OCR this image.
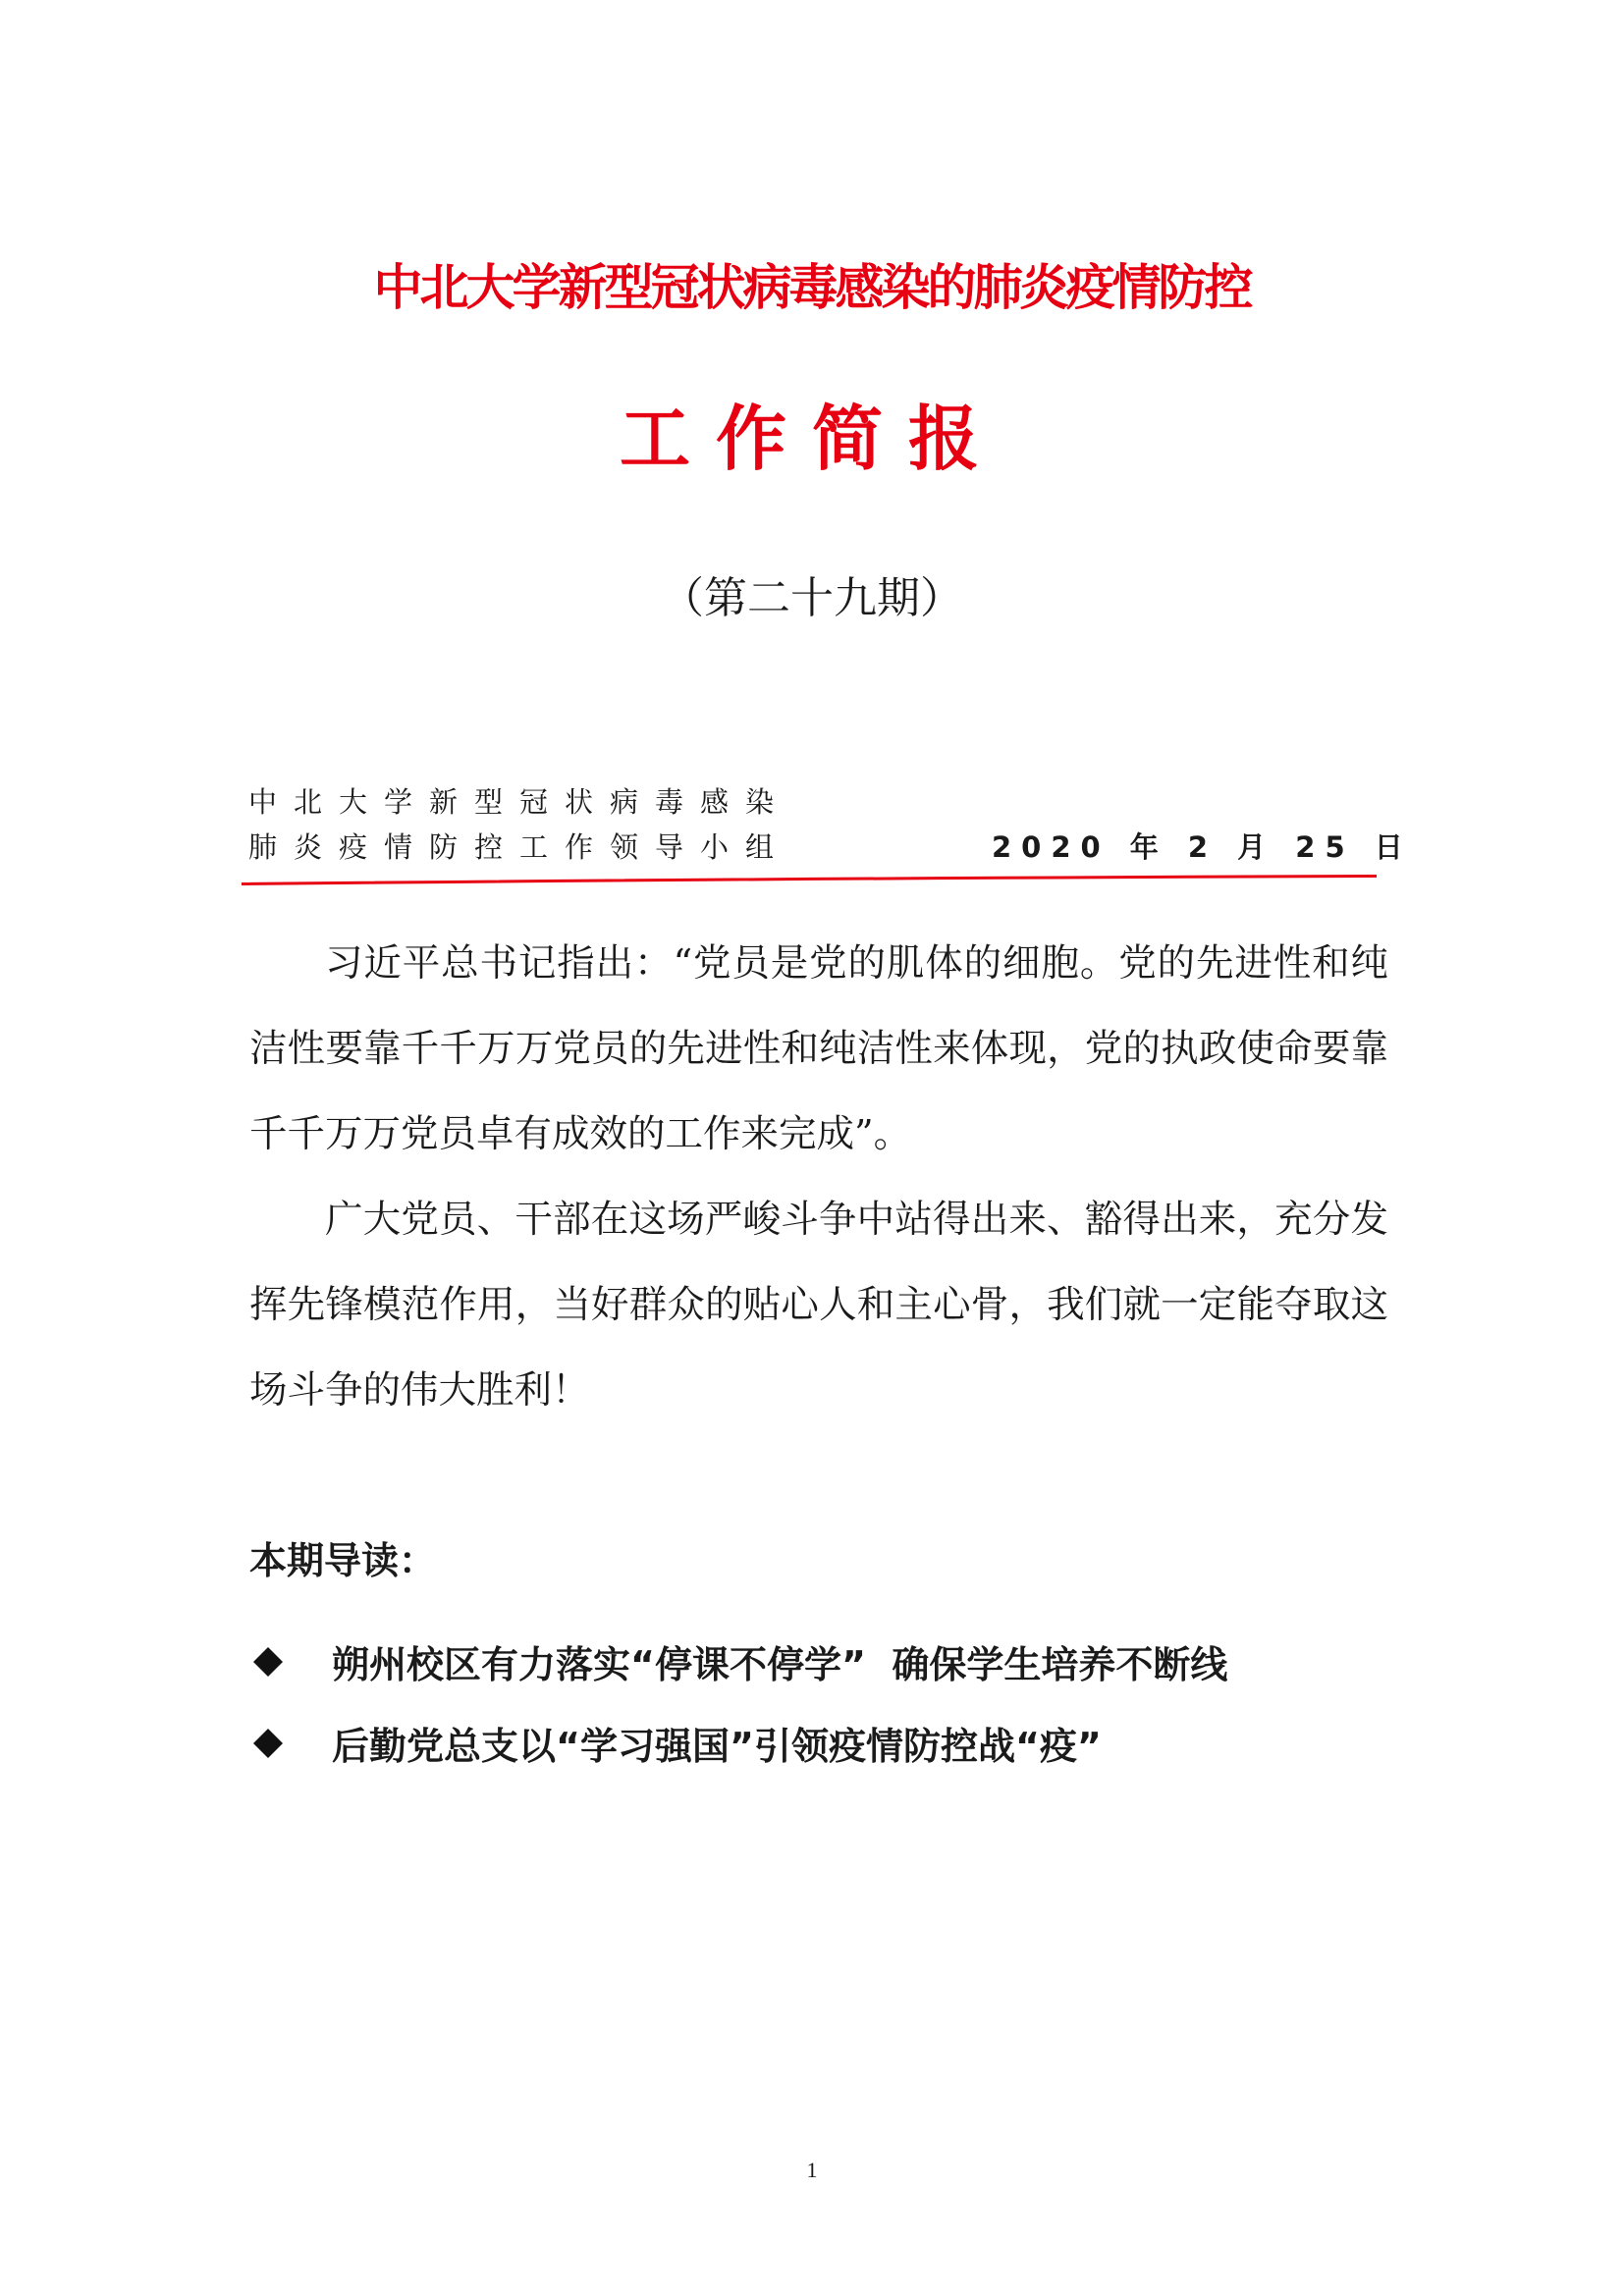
中北大学新型冠状病毒感染的肺炎疫情防控
工作简报
（第二十九期）
中北大学新型冠状病毒感染
肺炎疫情防控工作领导小组	2020 年 2 月 25 日

习近平总书记指出：“党员是党的肌体的细胞。党的先进性和纯洁性要靠千千万万党员的先进性和纯洁性来体现，党的执政使命要靠千千万万党员卓有成效的工作来完成”。

广大党员、干部在这场严峻斗争中站得出来、豁得出来，充分发挥先锋模范作用，当好群众的贴心人和主心骨，我们就一定能夺取这场斗争的伟大胜利！

本期导读：
朔州校区有力落实“停课不停学”  确保学生培养不断线
后勤党总支以“学习强国”引领疫情防控战“疫”
1
